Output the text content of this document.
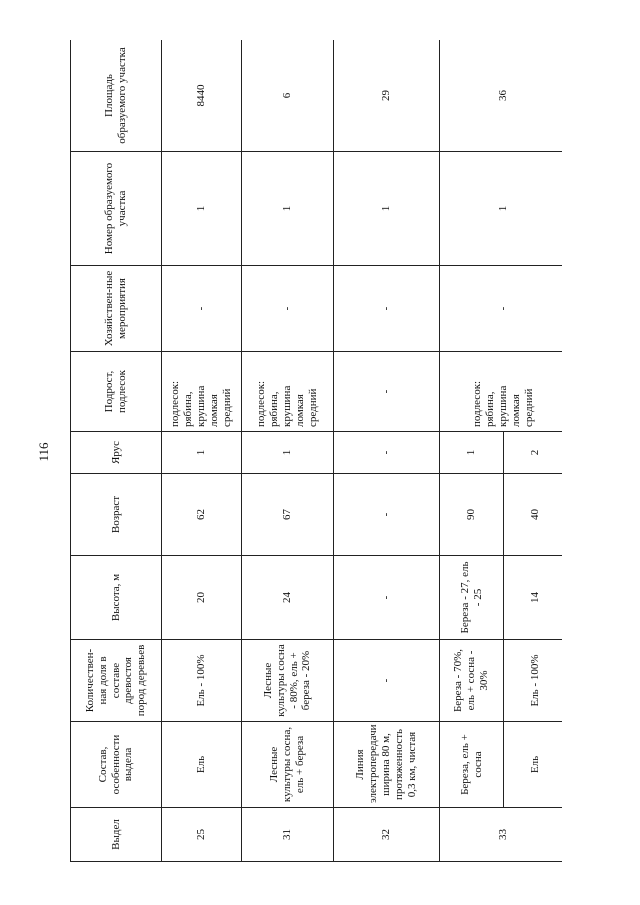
116
Выдел	Состав, особенности выдела	Количествен-ная доля в составе древостоя пород деревьев	Высота, м	Возраст	Ярус	Подрост, подлесок	Хозяйствен-ные мероприятия	Номер образуемого участка	Площадь образуемого участка
25	Ель	Ель - 100%	20	62	1	подлесок: рябина, крушина ломкая средний	-	1	8440
31	Лесные культуры сосна, ель + береза	Лесные культуры сосна - 80%, ель + береза - 20%	24	67	1	подлесок: рябина, крушина ломкая средний	-	1	6
32	Линия электропередачи ширина 80 м, протяженность 0,3 км, чистая	-	-	-	-	-	-	1	29
33	Береза, ель + сосна	Береза - 70%, ель + сосна - 30%	Береза - 27, ель - 25	90	1	подлесок: рябина, крушина ломкая средний	-	1	36
	Ель	Ель - 100%	14	40	2				
